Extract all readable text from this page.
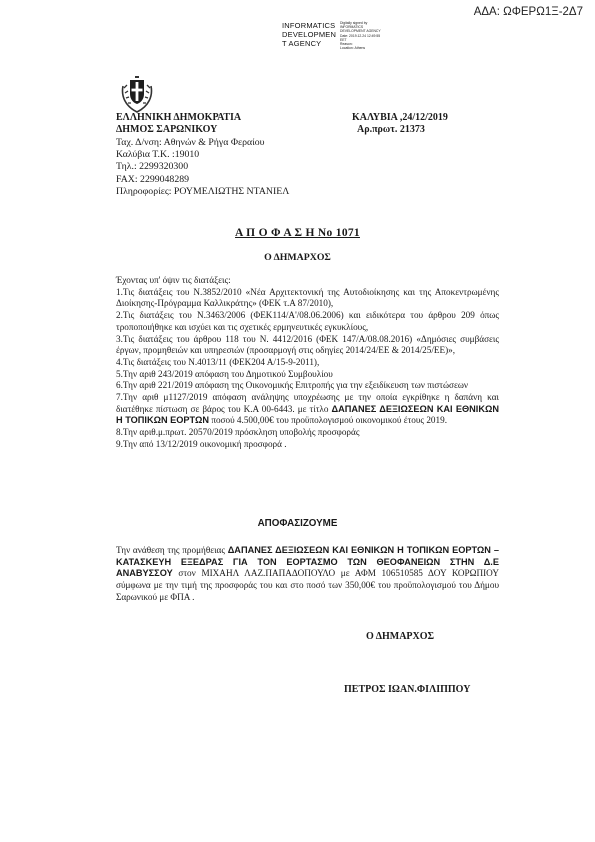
ΑΔΑ: ΩΦΕΡΩ1Ξ-2Δ7
INFORMATICS
DEVELOPMEN
T AGENCY
Digitally signed by
INFORMATICS
DEVELOPMENT AGENCY
Date: 2019.12.24 12:49:55
EET
Reason:
Location: Athens
ΕΛΛΗΝΙΚΗ ΔΗΜΟΚΡΑΤΙΑ
ΔΗΜΟΣ ΣΑΡΩΝΙΚΟΥ
ΚΑΛΥΒΙΑ ,24/12/2019
Αρ.πρωτ. 21373
Ταχ. Δ/νση: Αθηνών & Ρήγα Φεραίου
Καλύβια Τ.Κ. :19010
Τηλ.: 2299320300
FAX: 2299048289
Πληροφορίες: ΡΟΥΜΕΛΙΩΤΗΣ ΝΤΑΝΙΕΛ
Α Π Ο Φ Α Σ Η Νο 1071
Ο ΔΗΜΑΡΧΟΣ

Έχοντας υπ' όψιν τις διατάξεις:

1.Τις διατάξεις του Ν.3852/2010 «Νέα Αρχιτεκτονική της Αυτοδιοίκησης και της Αποκεντρωμένης Διοίκησης-Πρόγραμμα Καλλικράτης» (ΦΕΚ τ.Α 87/2010),

2.Τις διατάξεις του Ν.3463/2006 (ΦΕΚ114/Α'/08.06.2006) και ειδικότερα του άρθρου 209 όπως τροποποιήθηκε και ισχύει και τις σχετικές ερμηνευτικές εγκυκλίους,

3.Τις διατάξεις του άρθρου 118 του Ν. 4412/2016 (ΦΕΚ 147/Α/08.08.2016) «Δημόσιες συμβάσεις έργων, προμηθειών και υπηρεσιών (προσαρμογή στις οδηγίες 2014/24/ΕΕ & 2014/25/ΕΕ)»,

4.Τις διατάξεις του Ν.4013/11 (ΦΕΚ204 Α/15-9-2011),

5.Την αριθ 243/2019 απόφαση του Δημοτικού Συμβουλίου

6.Την αριθ 221/2019 απόφαση της Οικονομικής Επιτροπής για την εξειδίκευση των πιστώσεων

7.Την αριθ μ1127/2019 απόφαση ανάληψης υποχρέωσης με την οποία εγκρίθηκε η δαπάνη και διατέθηκε πίστωση σε βάρος του Κ.Α 00-6443. με τίτλο ΔΑΠΑΝΕΣ ΔΕΞΙΩΣΕΩΝ ΚΑΙ ΕΘΝΙΚΩΝ Η ΤΟΠΙΚΩΝ ΕΟΡΤΩΝ ποσού 4.500,00€ του προϋπολογισμού οικονομικού έτους 2019.

8.Την αριθ.μ.πρωτ. 20570/2019 πρόσκληση υποβολής προσφοράς

9.Την από 13/12/2019 οικονομική προσφορά .

ΑΠΟΦΑΣΙΖΟΥΜΕ

Την ανάθεση της προμήθειας ΔΑΠΑΝΕΣ ΔΕΞΙΩΣΕΩΝ ΚΑΙ ΕΘΝΙΚΩΝ Η ΤΟΠΙΚΩΝ ΕΟΡΤΩΝ – ΚΑΤΑΣΚΕΥΗ ΕΞΕΔΡΑΣ ΓΙΑ ΤΟΝ ΕΟΡΤΑΣΜΟ ΤΩΝ ΘΕΟΦΑΝΕΙΩΝ ΣΤΗΝ Δ.Ε ΑΝΑΒΥΣΣΟΥ στον ΜΙΧΑΗΛ ΛΑΖ.ΠΑΠΑΔΟΠΟΥΛΟ με ΑΦΜ 106510585 ΔΟΥ ΚΟΡΩΠΙΟΥ σύμφωνα με την τιμή της προσφοράς του και στο ποσό των 350,00€ του προϋπολογισμού του Δήμου Σαρωνικού με ΦΠΑ .

Ο ΔΗΜΑΡΧΟΣ
ΠΕΤΡΟΣ ΙΩΑΝ.ΦΙΛΙΠΠΟΥ
